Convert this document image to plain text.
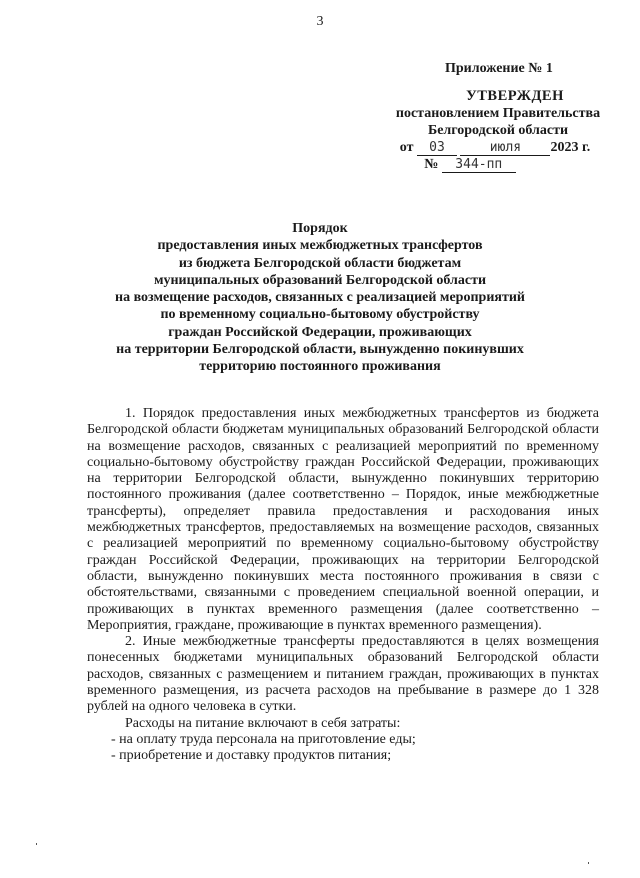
3
Приложение № 1
УТВЕРЖДЕН
постановлением Правительства
Белгородской области
от 03	июля 2023 г.
№ 344-пп
Порядок
предоставления иных межбюджетных трансфертов
из бюджета Белгородской области бюджетам
муниципальных образований Белгородской области
на возмещение расходов, связанных с реализацией мероприятий
по временному социально-бытовому обустройству
граждан Российской Федерации, проживающих
на территории Белгородской области, вынужденно покинувших
территорию постоянного проживания

1. Порядок предоставления иных межбюджетных трансфертов из бюджета Белгородской области бюджетам муниципальных образований Белгородской области на возмещение расходов, связанных с реализацией мероприятий по временному социально-бытовому обустройству граждан Российской Федерации, проживающих на территории Белгородской области, вынужденно покинувших территорию постоянного проживания (далее соответственно – Порядок, иные межбюджетные трансферты), определяет правила предоставления и расходования иных межбюджетных трансфертов, предоставляемых на возмещение расходов, связанных с реализацией мероприятий по временному социально-бытовому обустройству граждан Российской Федерации, проживающих на территории Белгородской области, вынужденно покинувших места постоянного проживания в связи с обстоятельствами, связанными с проведением специальной военной операции, и проживающих в пунктах временного размещения (далее соответственно – Мероприятия, граждане, проживающие в пунктах временного размещения).

2. Иные межбюджетные трансферты предоставляются в целях возмещения понесенных бюджетами муниципальных образований Белгородской области расходов, связанных с размещением и питанием граждан, проживающих в пунктах временного размещения, из расчета расходов на пребывание в размере до 1 328 рублей на одного человека в сутки.

Расходы на питание включают в себя затраты:

- на оплату труда персонала на приготовление еды;

- приобретение и доставку продуктов питания;
